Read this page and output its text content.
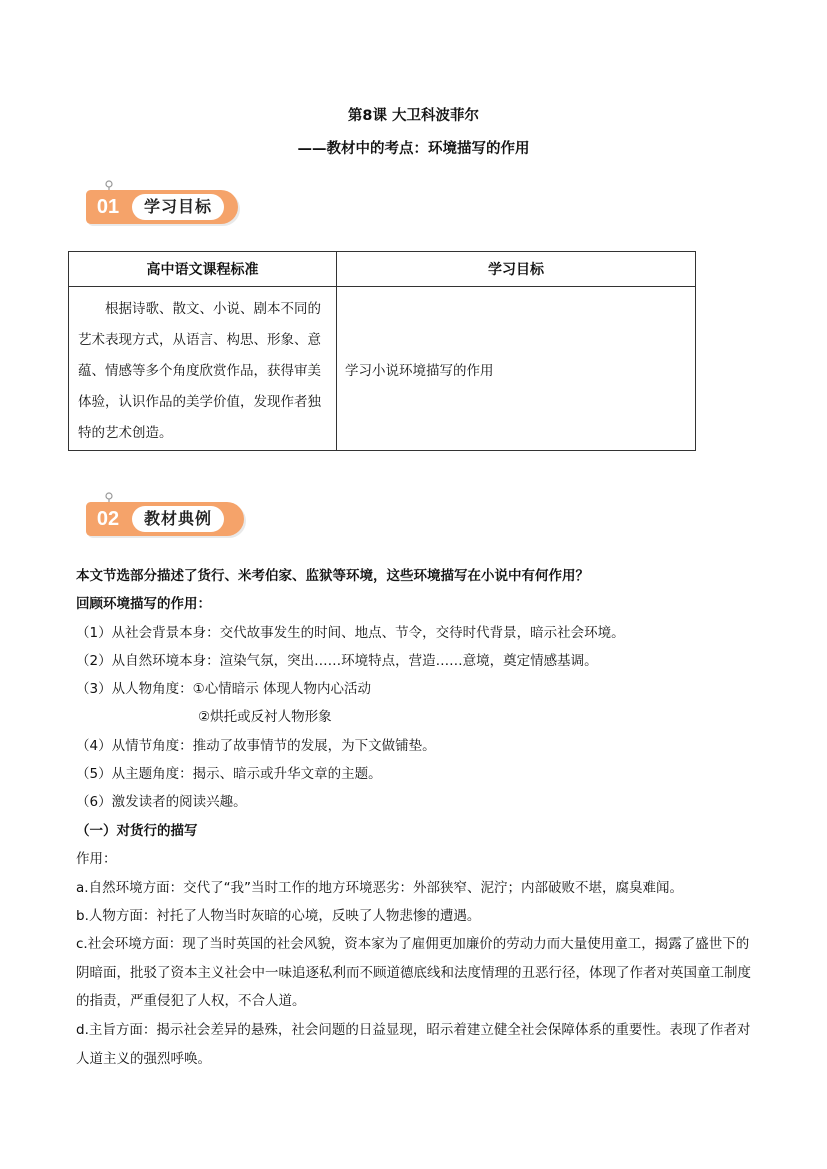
第8课 大卫科波菲尔
——教材中的考点：环境描写的作用
01	学习目标
高中语文课程标准	学习目标

根据诗歌、散文、小说、剧本不同的艺术表现方式，从语言、构思、形象、意蕴、情感等多个角度欣赏作品，获得审美体验，认识作品的美学价值，发现作者独特的艺术创造。	学习小说环境描写的作用
02	教材典例
本文节选部分描述了货行、米考伯家、监狱等环境，这些环境描写在小说中有何作用？
回顾环境描写的作用：
（1）从社会背景本身：交代故事发生的时间、地点、节令，交待时代背景，暗示社会环境。
（2）从自然环境本身：渲染气氛，突出……环境特点，营造……意境，奠定情感基调。
（3）从人物角度：①心情暗示 体现人物内心活动
②烘托或反衬人物形象
（4）从情节角度：推动了故事情节的发展，为下文做铺垫。
（5）从主题角度：揭示、暗示或升华文章的主题。
（6）激发读者的阅读兴趣。
（一）对货行的描写
作用：
a.自然环境方面：交代了“我”当时工作的地方环境恶劣：外部狭窄、泥泞；内部破败不堪，腐臭难闻。
b.人物方面：衬托了人物当时灰暗的心境，反映了人物悲惨的遭遇。
c.社会环境方面：现了当时英国的社会风貌，资本家为了雇佣更加廉价的劳动力而大量使用童工，揭露了盛世下的阴暗面，批驳了资本主义社会中一味追逐私利而不顾道德底线和法度情理的丑恶行径，体现了作者对英国童工制度的指责，严重侵犯了人权，不合人道。
d.主旨方面：揭示社会差异的悬殊，社会问题的日益显现，昭示着建立健全社会保障体系的重要性。表现了作者对人道主义的强烈呼唤。
